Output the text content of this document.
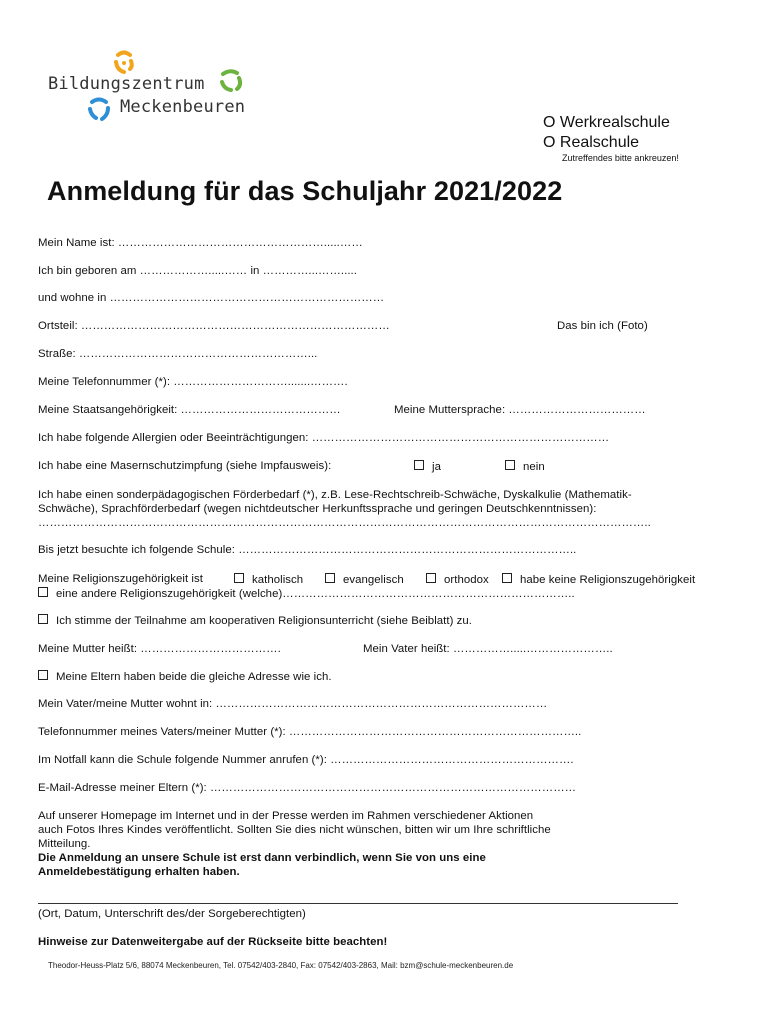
Bildungszentrum
Meckenbeuren
O Werkrealschule
O Realschule
Zutreffendes bitte ankreuzen!
Anmeldung für das Schuljahr 2021/2022
Mein Name ist: ……………………………………………….....……
Ich bin geboren am ……………….....…… in …………...…….....
und wohne in ………………………………………………………………
Ortsteil: ………………………………………………………………………	Das bin ich (Foto)
Straße: ……………………………………………………...
Meine Telefonnummer (*): ………………………….......……….
Meine Staatsangehörigkeit: ……………………………………	Meine Muttersprache: ………………………………
Ich habe folgende Allergien oder Beeinträchtigungen: ……………………………………………………………………
Ich habe eine Masernschutzimpfung (siehe Impfausweis):	ja	nein
Ich habe einen sonderpädagogischen Förderbedarf (*), z.B. Lese-Rechtschreib-Schwäche, Dyskalkulie (Mathematik-
Schwäche), Sprachförderbedarf (wegen nichtdeutscher Herkunftssprache und geringen Deutschkenntnissen):
……………………………………………………………………………………………………………………………………………..
Bis jetzt besuchte ich folgende Schule: ……………………………………………………………………………..
Meine Religionszugehörigkeit ist	katholisch	evangelisch	orthodox	habe keine Religionszugehörigkeit
eine andere Religionszugehörigkeit (welche)…………………………………………………………………..
Ich stimme der Teilnahme am kooperativen Religionsunterricht (siehe Beiblatt) zu.
Meine Mutter heißt: ……………………………….	Mein Vater heißt: …………….....…………………..
Meine Eltern haben beide die gleiche Adresse wie ich.
Mein Vater/meine Mutter wohnt in: ……………………………………………………………………………
Telefonnummer meines Vaters/meiner Mutter (*): …………………………………………………………………..
Im Notfall kann die Schule folgende Nummer anrufen (*): ……………………………………………………….
E-Mail-Adresse meiner Eltern (*): ……………………………………………………………………………………
Auf unserer Homepage im Internet und in der Presse werden im Rahmen verschiedener Aktionen
auch Fotos Ihres Kindes veröffentlicht. Sollten Sie dies nicht wünschen, bitten wir um Ihre schriftliche
Mitteilung.
Die Anmeldung an unsere Schule ist erst dann verbindlich, wenn Sie von uns eine
Anmeldebestätigung erhalten haben.
(Ort, Datum, Unterschrift des/der Sorgeberechtigten)
Hinweise zur Datenweitergabe auf der Rückseite bitte beachten!
Theodor-Heuss-Platz 5/6, 88074 Meckenbeuren, Tel. 07542/403-2840, Fax: 07542/403-2863, Mail: bzm@schule-meckenbeuren.de
